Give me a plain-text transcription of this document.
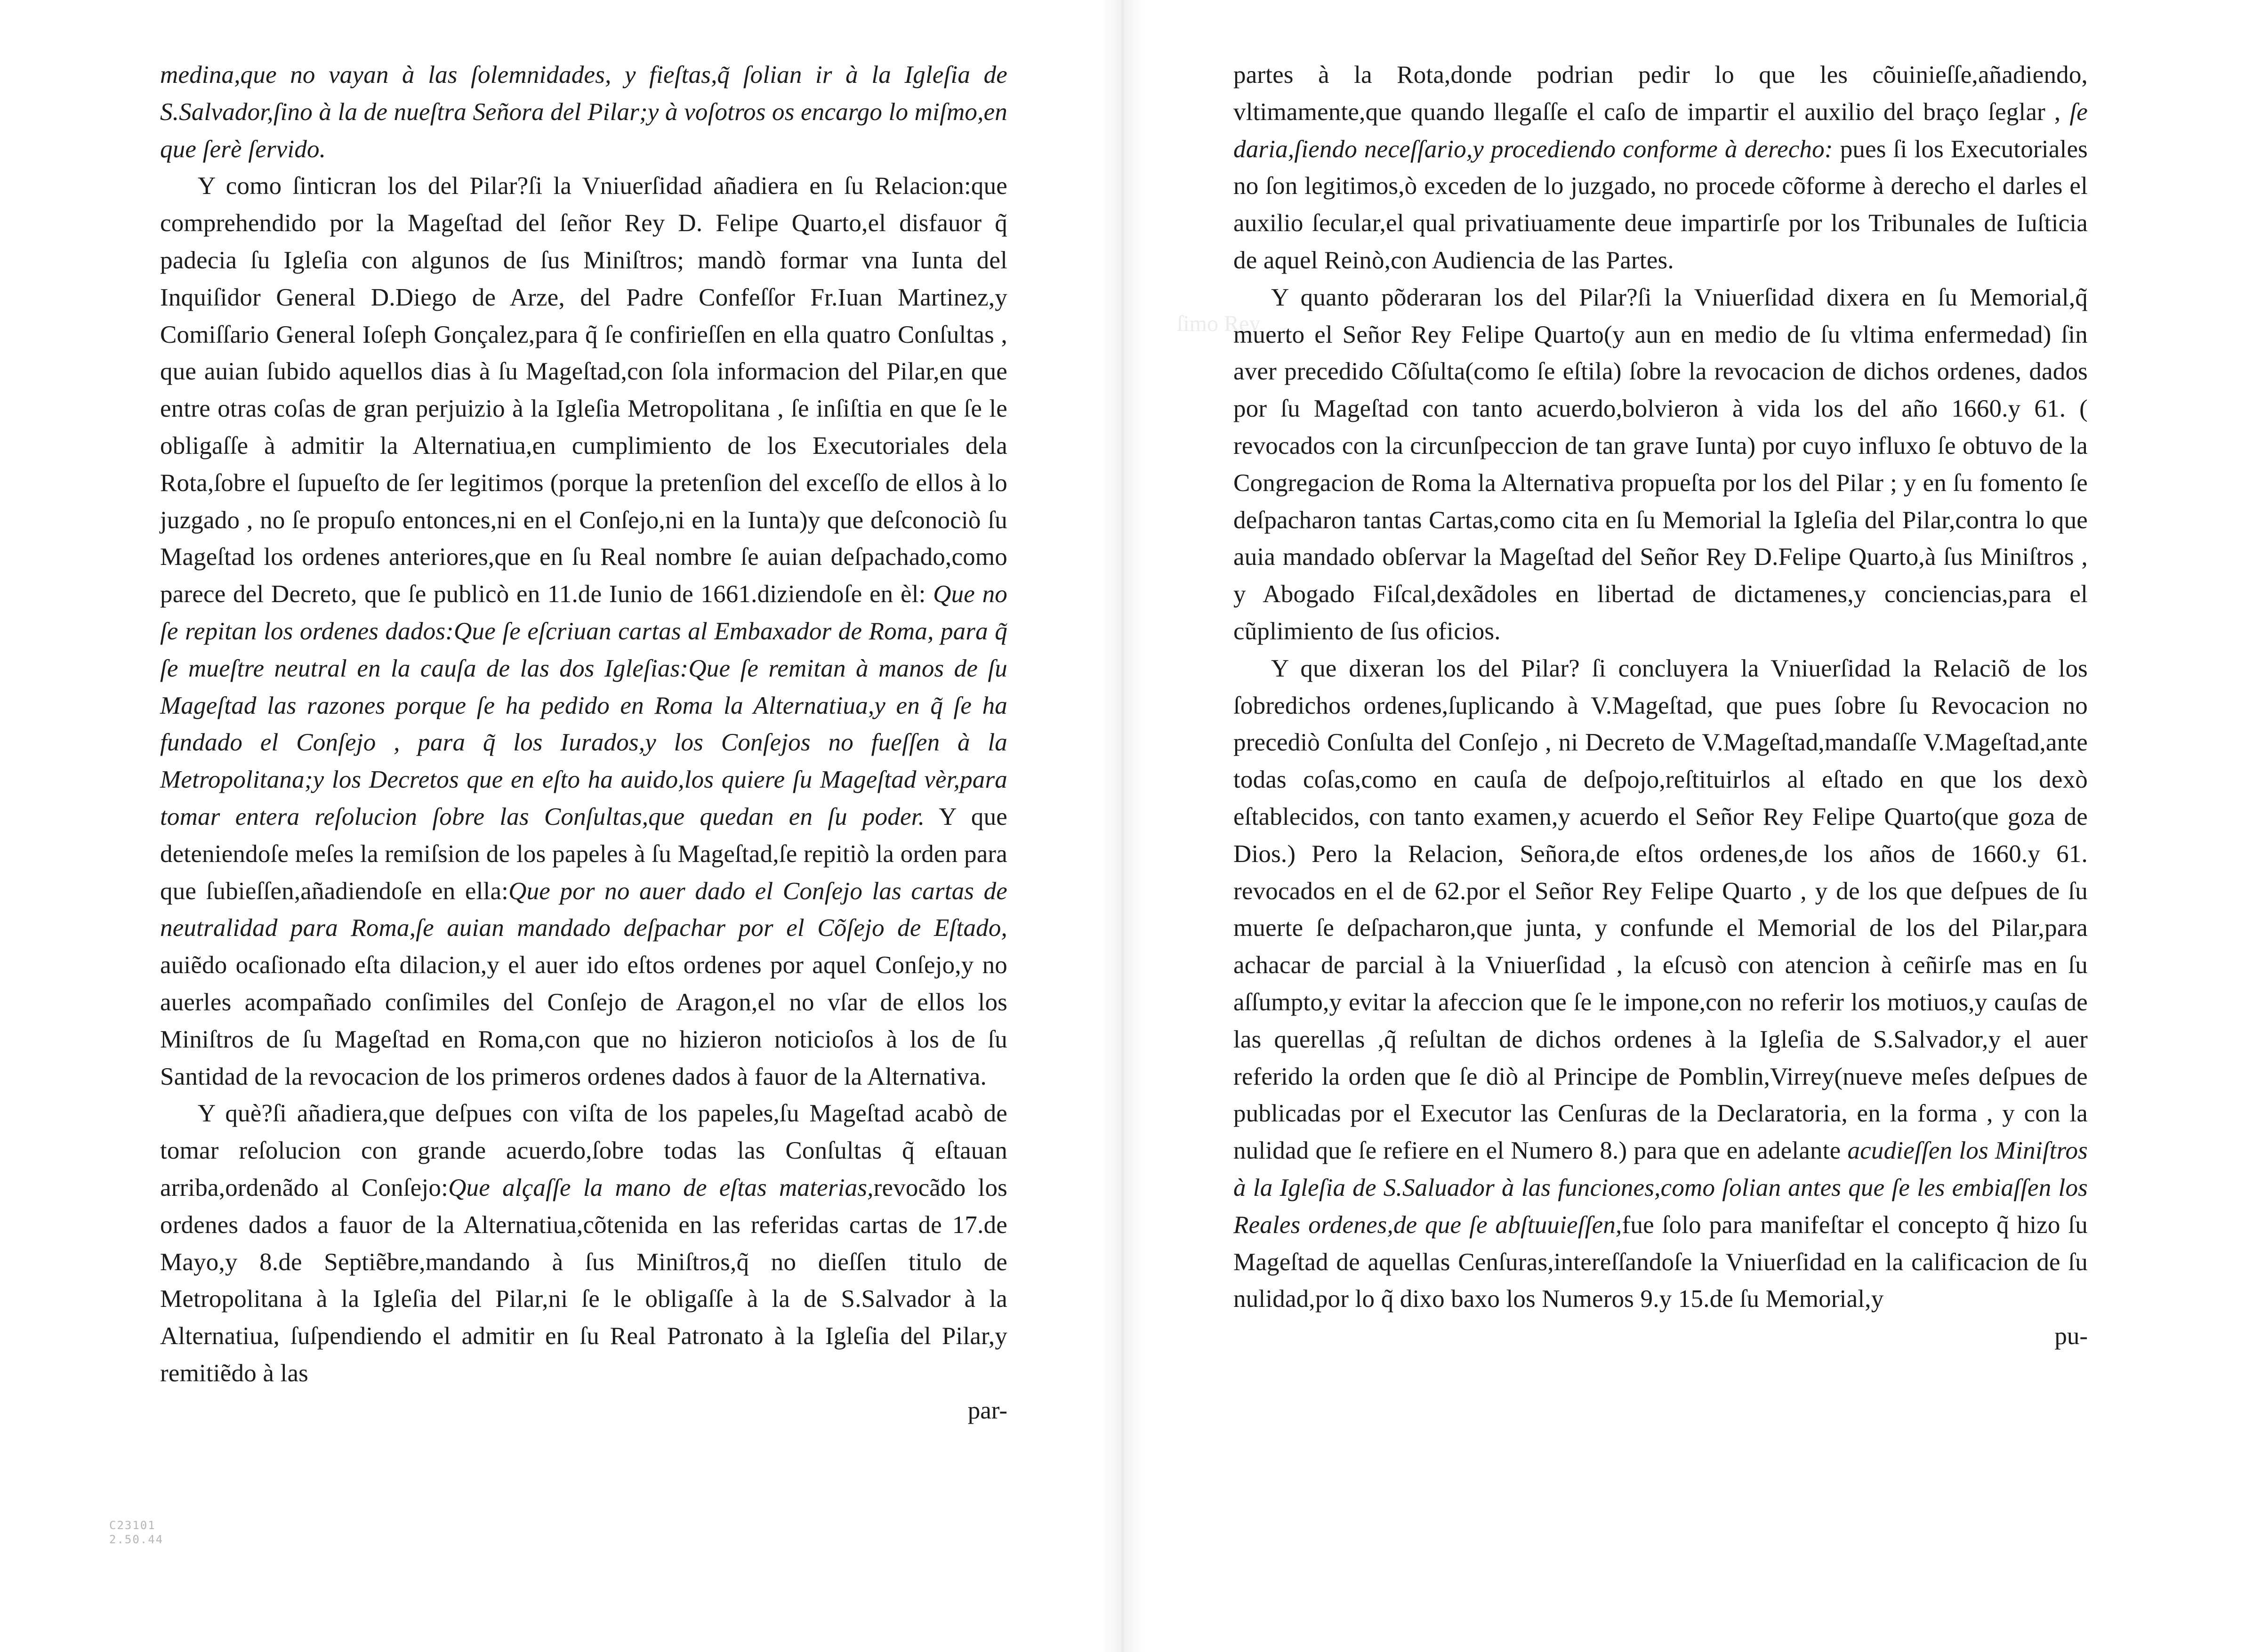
ſimo Rey

medina,que no vayan à las ſolemnidades, y fieſtas,q̃ ſolian ir à la Igleſia de S.Salvador,ſino à la de nueſtra Señora del Pilar;y à voſotros os encargo lo miſmo,en que ſerè ſervido.

Y como ſinticran los del Pilar?ſi la Vniuerſidad añadiera en ſu Relacion:que comprehendido por la Mageſtad del ſeñor Rey D. Felipe Quarto,el disfauor q̃ padecia ſu Igleſia con algunos de ſus Miniſtros; mandò formar vna Iunta del Inquiſidor General D.Diego de Arze, del Padre Confeſſor Fr.Iuan Martinez,y Comiſſario General Ioſeph Gonçalez,para q̃ ſe confirieſſen en ella quatro Conſultas , que auian ſubido aquellos dias à ſu Mageſtad,con ſola informacion del Pilar,en que entre otras coſas de gran perjuizio à la Igleſia Metropolitana , ſe inſiſtia en que ſe le obligaſſe à admitir la Alternatiua,en cumplimiento de los Executoriales dela Rota,ſobre el ſupueſto de ſer legitimos (porque la pretenſion del exceſſo de ellos à lo juzgado , no ſe propuſo entonces,ni en el Conſejo,ni en la Iunta)y que deſconociò ſu Mageſtad los ordenes anteriores,que en ſu Real nombre ſe auian deſpachado,como parece del Decreto, que ſe publicò en 11.de Iunio de 1661.diziendoſe en èl: Que no ſe repitan los ordenes dados:Que ſe eſcriuan cartas al Embaxador de Roma, para q̃ ſe mueſtre neutral en la cauſa de las dos Igleſias:Que ſe remitan à manos de ſu Mageſtad las razones porque ſe ha pedido en Roma la Alternatiua,y en q̃ ſe ha fundado el Conſejo , para q̃ los Iurados,y los Conſejos no fueſſen à la Metropolitana;y los Decretos que en eſto ha auido,los quiere ſu Mageſtad vèr,para tomar entera reſolucion ſobre las Conſultas,que quedan en ſu poder. Y que deteniendoſe meſes la remiſsion de los papeles à ſu Mageſtad,ſe repitiò la orden para que ſubieſſen,añadiendoſe en ella:Que por no auer dado el Conſejo las cartas de neutralidad para Roma,ſe auian mandado deſpachar por el Cõſejo de Eſtado, auiẽdo ocaſionado eſta dilacion,y el auer ido eſtos ordenes por aquel Conſejo,y no auerles acompañado conſimiles del Conſejo de Aragon,el no vſar de ellos los Miniſtros de ſu Mageſtad en Roma,con que no hizieron noticioſos à los de ſu Santidad de la revocacion de los primeros ordenes dados à fauor de la Alternativa.

Y què?ſi añadiera,que deſpues con viſta de los papeles,ſu Mageſtad acabò de tomar reſolucion con grande acuerdo,ſobre todas las Conſultas q̃ eſtauan arriba,ordenãdo al Conſejo:Que alçaſſe la mano de eſtas materias,revocãdo los ordenes dados a fauor de la Alternatiua,cõtenida en las referidas cartas de 17.de Mayo,y 8.de Septiẽbre,mandando à ſus Miniſtros,q̃ no dieſſen titulo de Metropolitana à la Igleſia del Pilar,ni ſe le obligaſſe à la de S.Salvador à la Alternatiua, ſuſpendiendo el admitir en ſu Real Patronato à la Igleſia del Pilar,y remitiẽdo à las

par-

partes à la Rota,donde podrian pedir lo que les cõuinieſſe,añadiendo, vltimamente,que quando llegaſſe el caſo de impartir el auxilio del braço ſeglar , ſe daria,ſiendo neceſſario,y procediendo conforme à derecho: pues ſi los Executoriales no ſon legitimos,ò exceden de lo juzgado, no procede cõforme à derecho el darles el auxilio ſecular,el qual privatiuamente deue impartirſe por los Tribunales de Iuſticia de aquel Reinò,con Audiencia de las Partes.

Y quanto põderaran los del Pilar?ſi la Vniuerſidad dixera en ſu Memorial,q̃ muerto el Señor Rey Felipe Quarto(y aun en medio de ſu vltima enfermedad) ſin aver precedido Cõſulta(como ſe eſtila) ſobre la revocacion de dichos ordenes, dados por ſu Mageſtad con tanto acuerdo,bolvieron à vida los del año 1660.y 61. ( revocados con la circunſpeccion de tan grave Iunta) por cuyo influxo ſe obtuvo de la Congregacion de Roma la Alternativa propueſta por los del Pilar ; y en ſu fomento ſe deſpacharon tantas Cartas,como cita en ſu Memorial la Igleſia del Pilar,contra lo que auia mandado obſervar la Mageſtad del Señor Rey D.Felipe Quarto,à ſus Miniſtros , y Abogado Fiſcal,dexãdoles en libertad de dictamenes,y conciencias,para el cũplimiento de ſus oficios.

Y que dixeran los del Pilar? ſi concluyera la Vniuerſidad la Relaciõ de los ſobredichos ordenes,ſuplicando à V.Mageſtad, que pues ſobre ſu Revocacion no precediò Conſulta del Conſejo , ni Decreto de V.Mageſtad,mandaſſe V.Mageſtad,ante todas coſas,como en cauſa de deſpojo,reſtituirlos al eſtado en que los dexò eſtablecidos, con tanto examen,y acuerdo el Señor Rey Felipe Quarto(que goza de Dios.) Pero la Relacion, Señora,de eſtos ordenes,de los años de 1660.y 61. revocados en el de 62.por el Señor Rey Felipe Quarto , y de los que deſpues de ſu muerte ſe deſpacharon,que junta, y confunde el Memorial de los del Pilar,para achacar de parcial à la Vniuerſidad , la eſcusò con atencion à ceñirſe mas en ſu aſſumpto,y evitar la afeccion que ſe le impone,con no referir los motiuos,y cauſas de las querellas ,q̃ reſultan de dichos ordenes à la Igleſia de S.Salvador,y el auer referido la orden que ſe diò al Principe de Pomblin,Virrey(nueve meſes deſpues de publicadas por el Executor las Cenſuras de la Declaratoria, en la forma , y con la nulidad que ſe refiere en el Numero 8.) para que en adelante acudieſſen los Miniſtros à la Igleſia de S.Saluador à las funciones,como ſolian antes que ſe les embiaſſen los Reales ordenes,de que ſe abſtuuieſſen,fue ſolo para manifeſtar el concepto q̃ hizo ſu Mageſtad de aquellas Cenſuras,intereſſandoſe la Vniuerſidad en la calificacion de ſu nulidad,por lo q̃ dixo baxo los Numeros 9.y 15.de ſu Memorial,y

pu-

C23101
2.50.44
